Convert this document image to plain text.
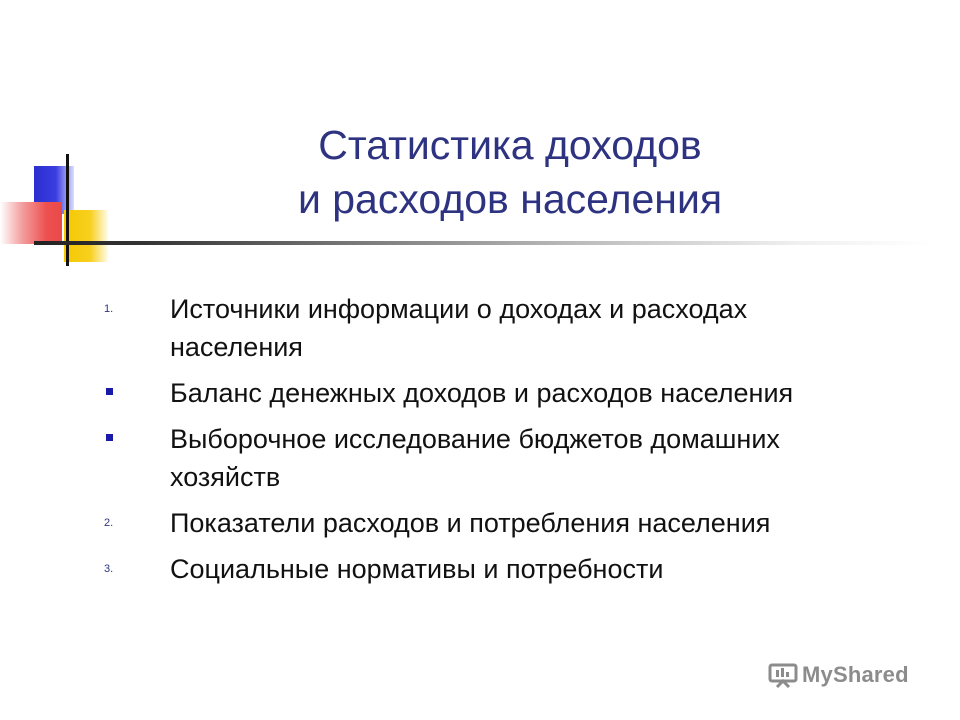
Статистика доходов
и расходов населения
1. Источники информации о доходах и расходах
населения
Баланс денежных доходов и расходов населения
Выборочное исследование бюджетов домашних
хозяйств
2. Показатели расходов и потребления населения
3. Социальные нормативы и потребности
MyShared
